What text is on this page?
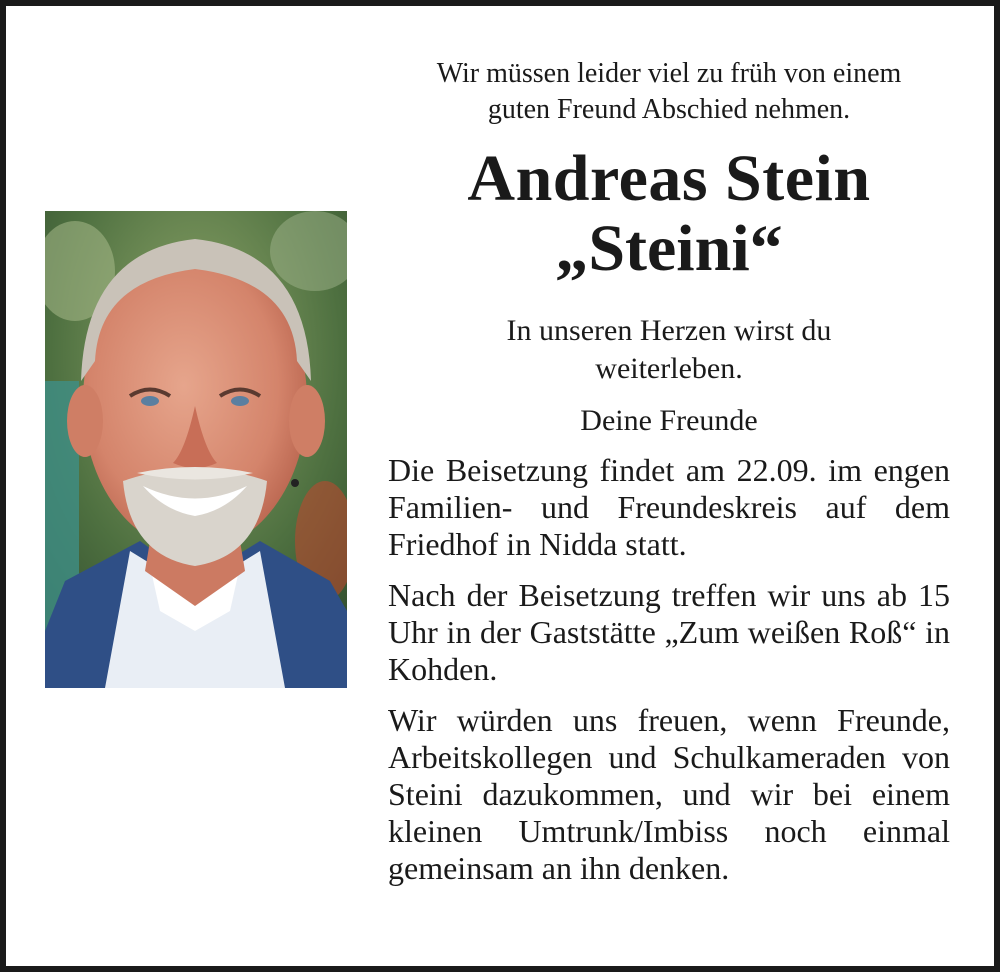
Wir müssen leider viel zu früh von einem

guten Freund Abschied nehmen.

Andreas Stein
„Steini“

In unseren Herzen wirst du

weiterleben.

Deine Freunde

Die Beisetzung findet am 22.09. im engen Familien- und Freundeskreis auf dem Friedhof in Nidda statt.

Nach der Beisetzung treffen wir uns ab 15 Uhr in der Gaststätte „Zum weißen Roß“ in Kohden.

Wir würden uns freuen, wenn Freunde, Arbeitskollegen und Schulkameraden von Steini dazukommen, und wir bei einem kleinen Umtrunk/Imbiss noch einmal gemeinsam an ihn denken.
